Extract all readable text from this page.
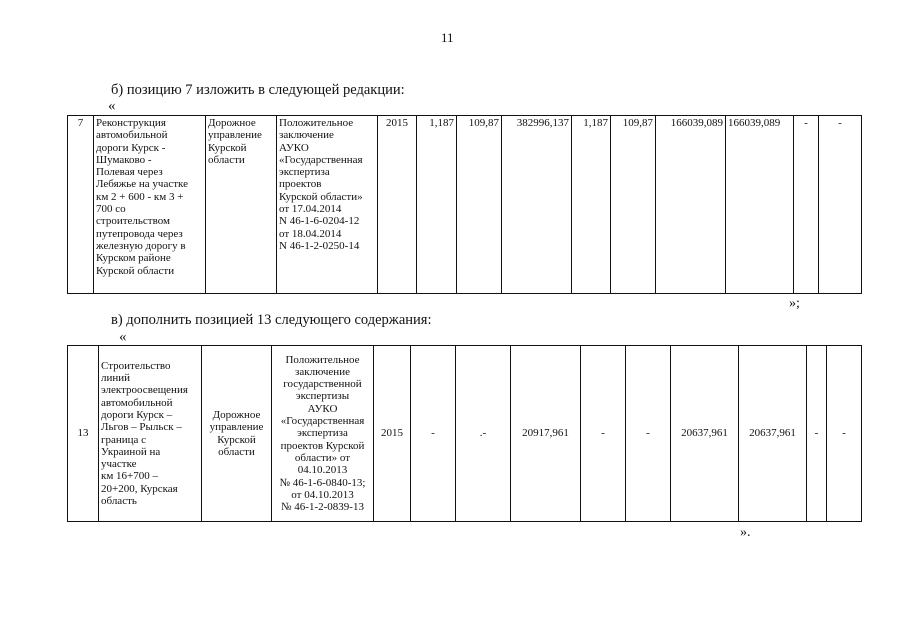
11
б) позицию 7 изложить в следующей редакции:
«
7	Реконструкция
автомобильной
дороги Курск -
Шумаково -
Полевая через
Лебяжье на участке
км 2 + 600 - км 3 +
700 со
строительством
путепровода через
железную дорогу в
Курском районе
Курской области	Дорожное
управление
Курской
области	Положительное
заключение
АУКО
«Государственная
экспертиза
проектов
Курской области»
от 17.04.2014
N 46-1-6-0204-12
от 18.04.2014
N 46-1-2-0250-14	2015	1,187	109,87	382996,137	1,187	109,87	166039,089	166039,089	-	-
»;
в) дополнить позицией 13 следующего содержания:
«
13	Строительство
линий
электроосвещения
автомобильной
дороги Курск –
Льгов – Рыльск –
граница с
Украиной на
участке
км 16+700 –
20+200, Курская
область	Дорожное
управление
Курской
области	Положительное
заключение
государственной
экспертизы
АУКО
«Государственная
экспертиза
проектов Курской
области» от
04.10.2013
№ 46-1-6-0840-13;
от 04.10.2013
№ 46-1-2-0839-13	2015	-	.-	20917,961	-	-	20637,961	20637,961	-	-
».
